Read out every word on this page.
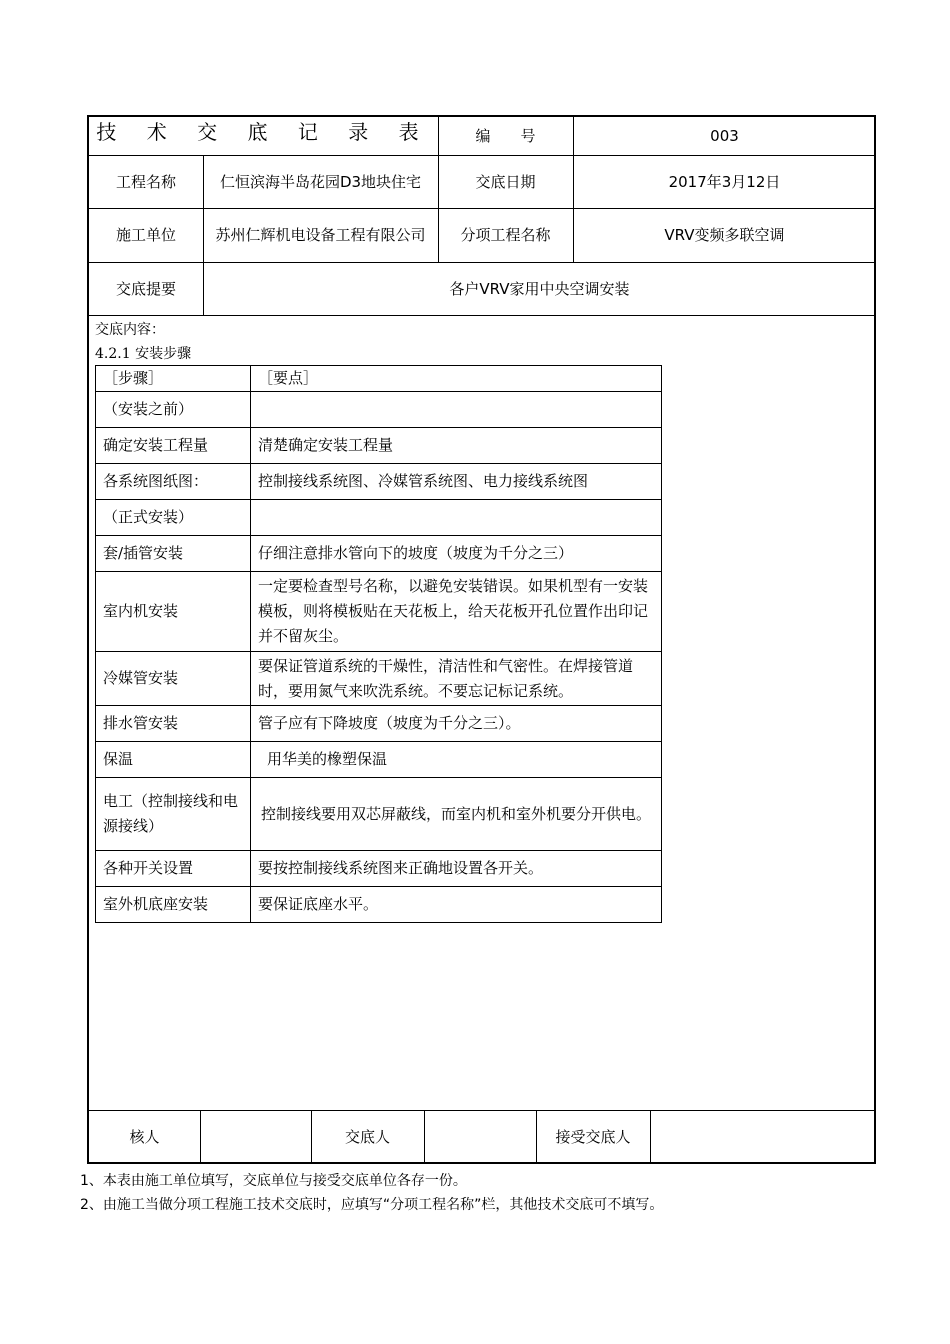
技 术 交 底 记 录 表	编　　号	003
工程名称	仁恒滨海半岛花园D3地块住宅	交底日期	2017年3月12日
施工单位	苏州仁辉机电设备工程有限公司	分项工程名称	VRV变频多联空调
交底提要	各户VRV家用中央空调安装
核人	交底人	接受交底人
交底内容：
4.2.1 安装步骤
［步骤］	［要点］
（安装之前）	
确定安装工程量	清楚确定安装工程量
各系统图纸图：	控制接线系统图、冷媒管系统图、电力接线系统图
（正式安装）	
套/插管安装	仔细注意排水管向下的坡度（坡度为千分之三）
室内机安装	一定要检查型号名称，以避免安装错误。如果机型有一安装模板，则将模板贴在天花板上，给天花板开孔位置作出印记并不留灰尘。
冷媒管安装	要保证管道系统的干燥性，清洁性和气密性。在焊接管道时，要用氮气来吹洗系统。不要忘记标记系统。
排水管安装	管子应有下降坡度（坡度为千分之三）。
保温	用华美的橡塑保温
电工（控制接线和电源接线）	控制接线要用双芯屏蔽线，而室内机和室外机要分开供电。
各种开关设置	要按控制接线系统图来正确地设置各开关。
室外机底座安装	要保证底座水平。
1、本表由施工单位填写，交底单位与接受交底单位各存一份。
2、由施工当做分项工程施工技术交底时，应填写“分项工程名称”栏，其他技术交底可不填写。
